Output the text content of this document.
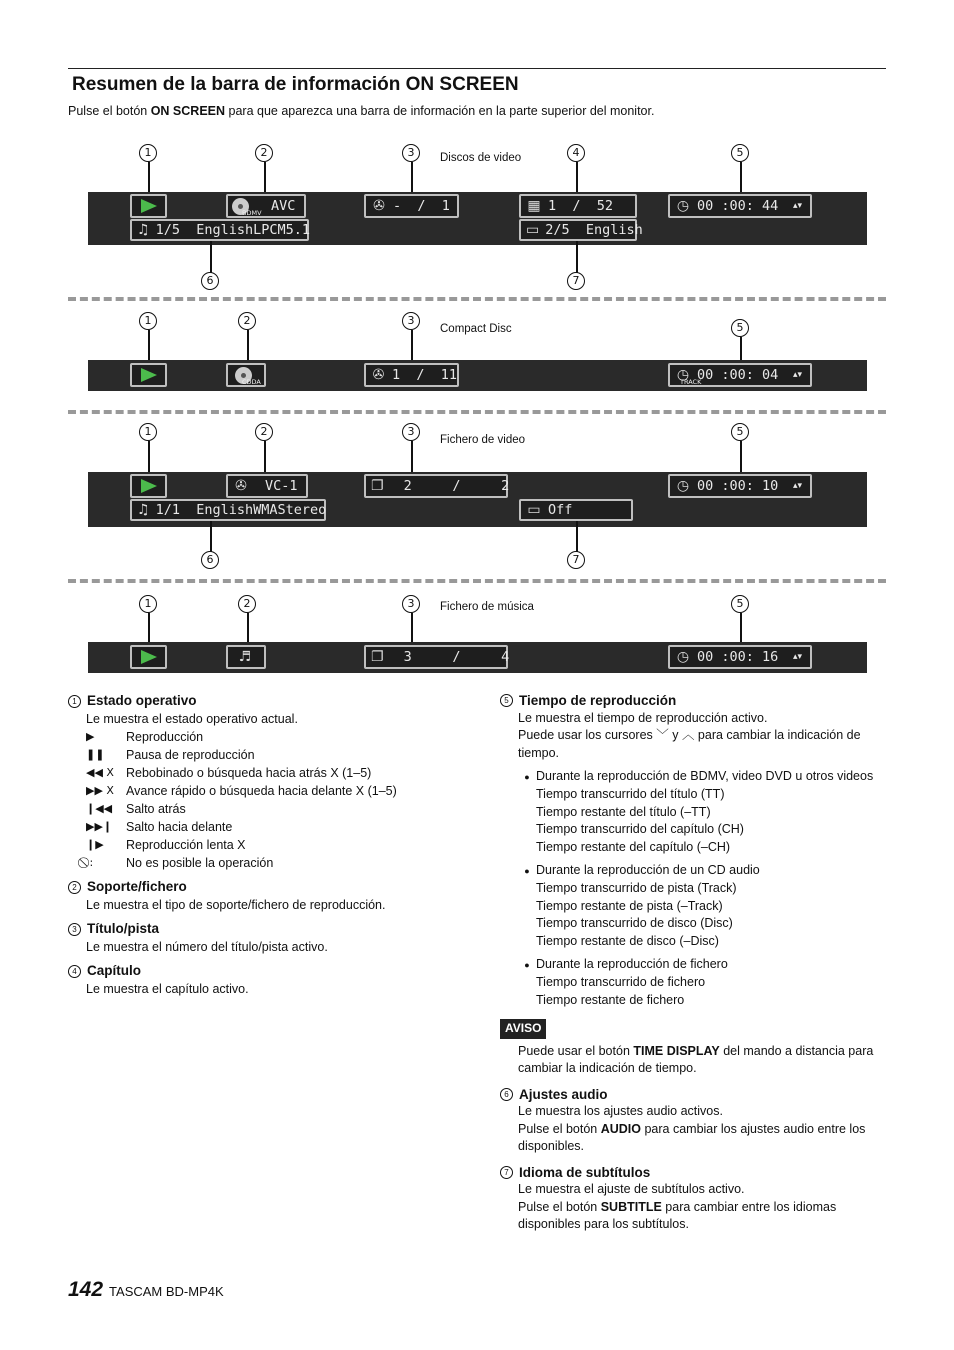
Resumen de la barra de información ON SCREEN
Pulse el botón ON SCREEN para que aparezca una barra de información en la parte superior del monitor.
1	2	3	4	5
Discos de video
BDMV AVC	✇ -  /  1	▦ 1  /  52	◷ 00 :00: 44 ▴▾
♫ 1/5  EnglishLPCM5.1	▭ 2/5  English
6	7
1	2	3
5
Compact Disc
CDDA	✇ 1  /  11	◷
TRACK
00 :00: 04 ▴▾
1	2	3	5
Fichero de video
✇ VC-1	❐ 2     /     2	◷ 00 :00: 10 ▴▾
♫ 1/1  EnglishWMAStereo	▭ Off
6	7
1	2	3	5
Fichero de música
♬	❐ 3     /     4	◷ 00 :00: 16 ▴▾
1 Estado operativo

Le muestra el estado operativo actual.

▶	Reproducción
❚❚	Pausa de reproducción
◀◀ X Rebobinado o búsqueda hacia atrás X (1–5)
▶▶ X Avance rápido o búsqueda hacia delante X (1–5)
❙◀◀	Salto atrás
▶▶❙	Salto hacia delante
❙▶	Reproducción lenta X
⃠ :	No es posible la operación
2 Soporte/fichero

Le muestra el tipo de soporte/fichero de reproducción.

3 Título/pista

Le muestra el número del título/pista activo.

4 Capítulo

Le muestra el capítulo activo.

5 Tiempo de reproducción

Le muestra el tiempo de reproducción activo.

Puede usar los cursores ﹀ y ︿ para cambiar la indicación de tiempo.

● Durante la reproducción de BDMV, video DVD u otros videos
Tiempo transcurrido del título (TT)
Tiempo restante del título (–TT)
Tiempo transcurrido del capítulo (CH)
Tiempo restante del capítulo (–CH)
● Durante la reproducción de un CD audio
Tiempo transcurrido de pista (Track)
Tiempo restante de pista (–Track)
Tiempo transcurrido de disco (Disc)
Tiempo restante de disco (–Disc)
● Durante la reproducción de fichero
Tiempo transcurrido de fichero
Tiempo restante de fichero
AVISO

Puede usar el botón TIME DISPLAY del mando a distancia para cambiar la indicación de tiempo.

6 Ajustes audio

Le muestra los ajustes audio activos.

Pulse el botón AUDIO para cambiar los ajustes audio entre los disponibles.

7 Idioma de subtítulos

Le muestra el ajuste de subtítulos activo.

Pulse el botón SUBTITLE para cambiar entre los idiomas disponibles para los subtítulos.

142 TASCAM BD-MP4K
